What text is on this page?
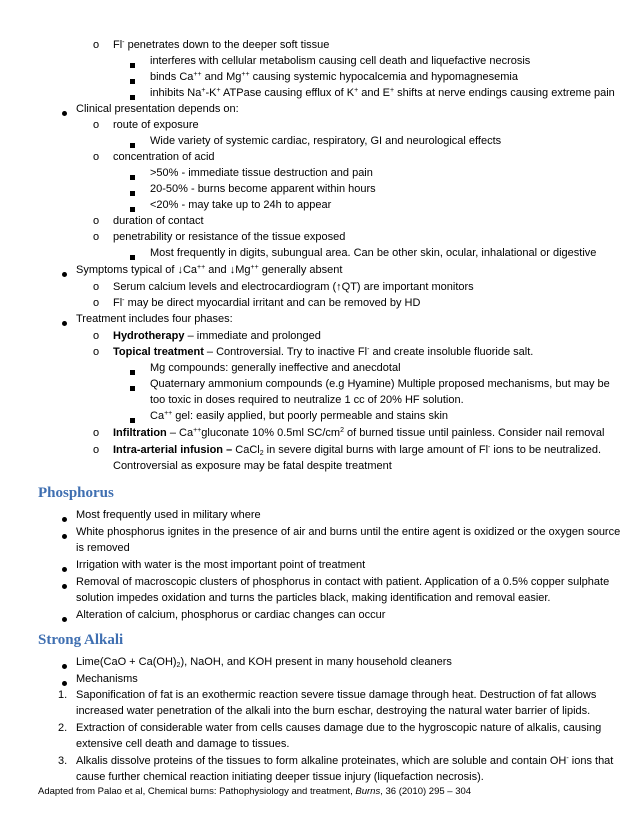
o Fl- penetrates down to the deeper soft tissue
interferes with cellular metabolism causing cell death and liquefactive necrosis
binds Ca++ and Mg++ causing systemic hypocalcemia and hypomagnesemia
inhibits Na+-K+ ATPase causing efflux of K+ and E+ shifts at nerve endings causing extreme pain
Clinical presentation depends on:
o route of exposure
Wide variety of systemic cardiac, respiratory, GI and neurological effects
o concentration of acid
>50% - immediate tissue destruction and pain
20-50% - burns become apparent within hours
<20% - may take up to 24h to appear
o duration of contact
o penetrability or resistance of the tissue exposed
Most frequently in digits, subungual area. Can be other skin, ocular, inhalational or digestive
Symptoms typical of ↓Ca++ and ↓Mg++ generally absent
o Serum calcium levels and electrocardiogram (↑QT) are important monitors
o Fl- may be direct myocardial irritant and can be removed by HD
Treatment includes four phases:
o Hydrotherapy – immediate and prolonged
o Topical treatment – Controversial. Try to inactive Fl- and create insoluble fluoride salt.
Mg compounds: generally ineffective and anecdotal
Quaternary ammonium compounds (e.g Hyamine) Multiple proposed mechanisms, but may be
too toxic in doses required to neutralize 1 cc of 20% HF solution.
Ca++ gel: easily applied, but poorly permeable and stains skin
o Infiltration – Ca++gluconate 10% 0.5ml $SC/cm^2$ of burned tissue until painless. Consider nail removal
o Intra-arterial infusion – CaCl$_2$ in severe digital burns with large amount of Fl- ions to be neutralized.
Controversial as exposure may be fatal despite treatment
Phosphorus
Most frequently used in military where
White phosphorus ignites in the presence of air and burns until the entire agent is oxidized or the oxygen source
is removed
Irrigation with water is the most important point of treatment
Removal of macroscopic clusters of phosphorus in contact with patient. Application of a 0.5% copper sulphate
solution impedes oxidation and turns the particles black, making identification and removal easier.
Alteration of calcium, phosphorus or cardiac changes can occur
Strong Alkali
Lime(CaO + $Ca(OH)_2$), NaOH, and KOH present in many household cleaners
Mechanisms
1. Saponification of fat is an exothermic reaction severe tissue damage through heat. Destruction of fat allows
increased water penetration of the alkali into the burn eschar, destroying the natural water barrier of lipids.
2. Extraction of considerable water from cells causes damage due to the hygroscopic nature of alkalis, causing
extensive cell death and damage to tissues.
3. Alkalis dissolve proteins of the tissues to form alkaline proteinates, which are soluble and contain OH- ions that
cause further chemical reaction initiating deeper tissue injury (liquefaction necrosis).
Adapted from Palao et al, Chemical burns: Pathophysiology and treatment, Burns, 36 (2010) 295 – 304
